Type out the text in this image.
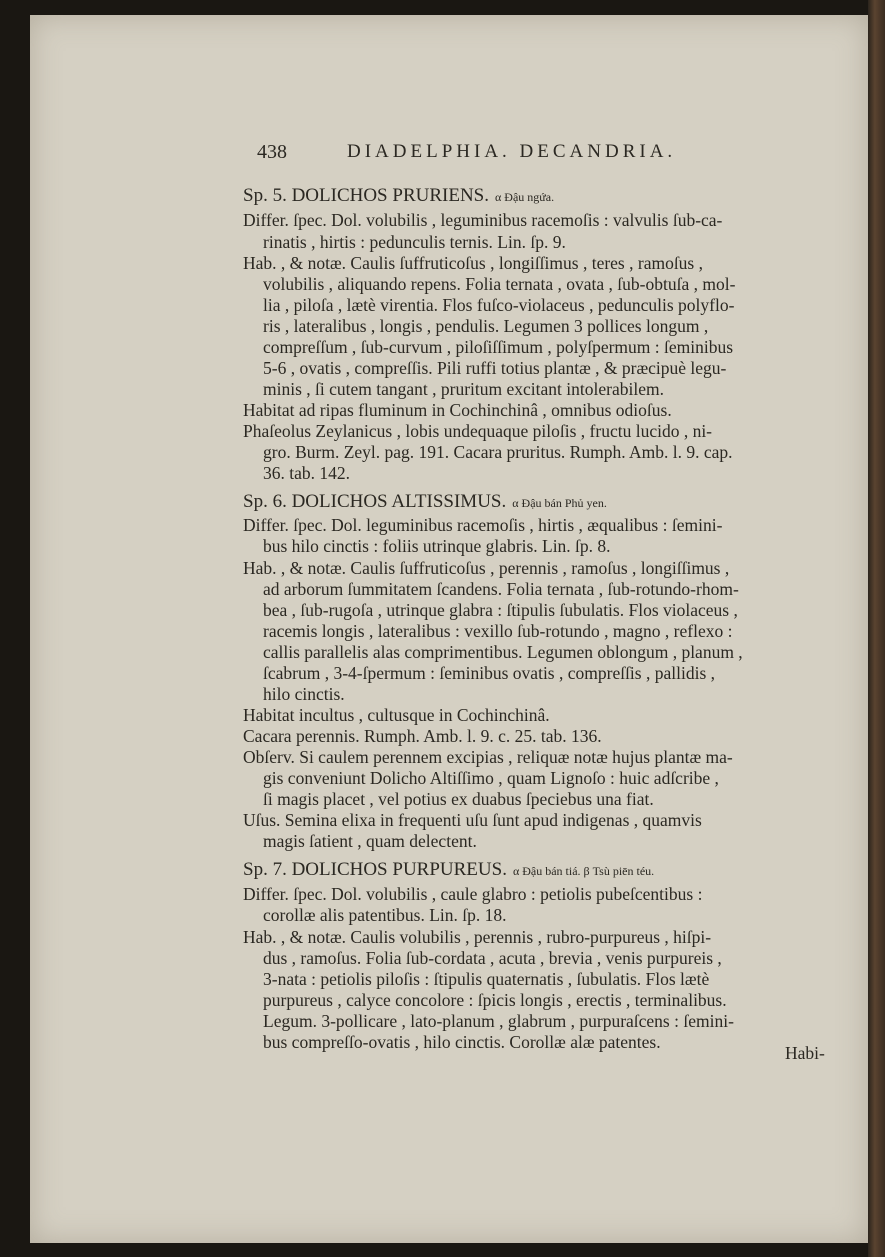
438	DIADELPHIA. DECANDRIA.
Sp. 5. DOLICHOS PRURIENS. α Đậu ngứa.
Differ. ſpec. Dol. volubilis , leguminibus racemoſis : valvulis ſub-ca-
rinatis , hirtis : pedunculis ternis. Lin. ſp. 9.
Hab. , & notæ. Caulis ſuffruticoſus , longiſſimus , teres , ramoſus ,
volubilis , aliquando repens. Folia ternata , ovata , ſub-obtuſa , mol-
lia , piloſa , lætè virentia. Flos fuſco-violaceus , pedunculis polyflo-
ris , lateralibus , longis , pendulis. Legumen 3 pollices longum ,
compreſſum , ſub-curvum , piloſiſſimum , polyſpermum : ſeminibus
5-6 , ovatis , compreſſis. Pili ruffi totius plantæ , & præcipuè legu-
minis , ſi cutem tangant , pruritum excitant intolerabilem.
Habitat ad ripas fluminum in Cochinchinâ , omnibus odioſus.
Phaſeolus Zeylanicus , lobis undequaque piloſis , fructu lucido , ni-
gro. Burm. Zeyl. pag. 191. Cacara pruritus. Rumph. Amb. l. 9. cap.
36. tab. 142.
Sp. 6. DOLICHOS ALTISSIMUS. α Đậu bán Phủ yen.
Differ. ſpec. Dol. leguminibus racemoſis , hirtis , æqualibus : ſemini-
bus hilo cinctis : foliis utrinque glabris. Lin. ſp. 8.
Hab. , & notæ. Caulis ſuffruticoſus , perennis , ramoſus , longiſſimus ,
ad arborum ſummitatem ſcandens. Folia ternata , ſub-rotundo-rhom-
bea , ſub-rugoſa , utrinque glabra : ſtipulis ſubulatis. Flos violaceus ,
racemis longis , lateralibus : vexillo ſub-rotundo , magno , reflexo :
callis parallelis alas comprimentibus. Legumen oblongum , planum ,
ſcabrum , 3-4-ſpermum : ſeminibus ovatis , compreſſis , pallidis ,
hilo cinctis.
Habitat incultus , cultusque in Cochinchinâ.
Cacara perennis. Rumph. Amb. l. 9. c. 25. tab. 136.
Obſerv. Si caulem perennem excipias , reliquæ notæ hujus plantæ ma-
gis conveniunt Dolicho Altiſſimo , quam Lignoſo : huic adſcribe ,
ſi magis placet , vel potius ex duabus ſpeciebus una fiat.
Uſus. Semina elixa in frequenti uſu ſunt apud indigenas , quamvis
magis ſatient , quam delectent.
Sp. 7. DOLICHOS PURPUREUS. α Đậu bán tiá. β Tsù piēn téu.
Differ. ſpec. Dol. volubilis , caule glabro : petiolis pubeſcentibus :
corollæ alis patentibus. Lin. ſp. 18.
Hab. , & notæ. Caulis volubilis , perennis , rubro-purpureus , hiſpi-
dus , ramoſus. Folia ſub-cordata , acuta , brevia , venis purpureis ,
3-nata : petiolis piloſis : ſtipulis quaternatis , ſubulatis. Flos lætè
purpureus , calyce concolore : ſpicis longis , erectis , terminalibus.
Legum. 3-pollicare , lato-planum , glabrum , purpuraſcens : ſemini-
bus compreſſo-ovatis , hilo cinctis. Corollæ alæ patentes.
Habi-
